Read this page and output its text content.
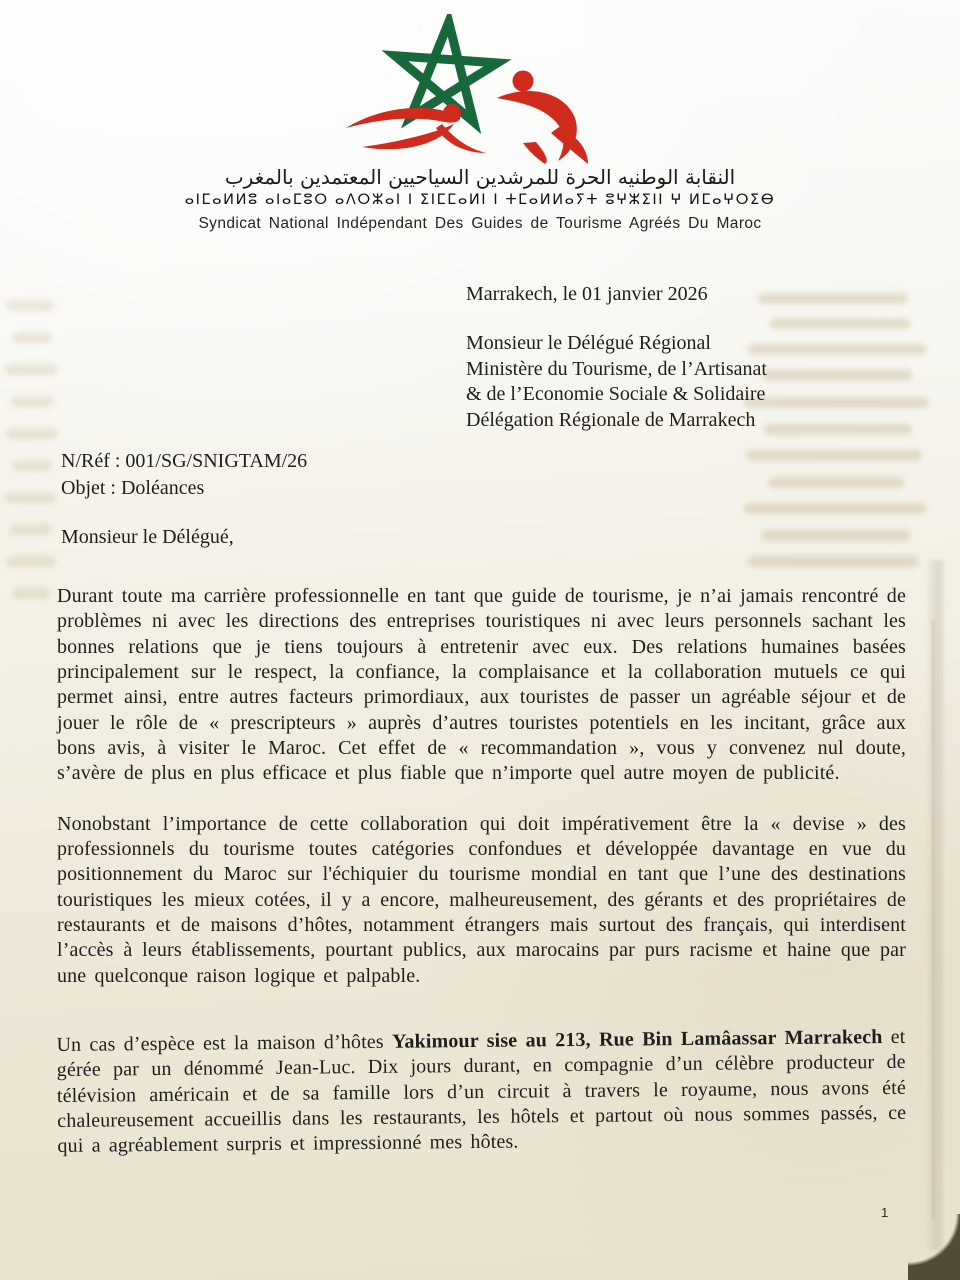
النقابة الوطنيه الحرة للمرشدين السياحيين المعتمدين بالمغرب
ⴰⵏⵎⴰⵍⵍⵓ ⴰⵏⴰⵎⵓⵔ ⴰⴷⵔⵣⴰⵏ ⵏ ⵉⵏⵎⵎⴰⵍⵏ ⵏ ⵜⵎⴰⵍⵍⴰⵢⵜ ⵓⵖⵣⵉⵏⵏ ⵖ ⵍⵎⴰⵖⵔⵉⴱ
Syndicat National Indépendant Des Guides de Tourisme Agréés Du Maroc
Marrakech, le 01 janvier 2026
Monsieur le Délégué Régional
Ministère du Tourisme, de l’Artisanat
& de l’Economie Sociale & Solidaire
Délégation Régionale de Marrakech
N/Réf : 001/SG/SNIGTAM/26
Objet : Doléances
Monsieur le Délégué,

Durant toute ma carrière professionnelle en tant que guide de tourisme, je n’ai jamais rencontré de problèmes ni avec les directions des entreprises touristiques ni avec leurs personnels sachant les bonnes relations que je tiens toujours à entretenir avec eux. Des relations humaines basées principalement sur le respect, la confiance, la complaisance et la collaboration mutuels ce qui permet ainsi, entre autres facteurs primordiaux, aux touristes de passer un agréable séjour et de jouer le rôle de « prescripteurs » auprès d’autres touristes potentiels en les incitant, grâce aux bons avis, à visiter le Maroc. Cet effet de « recommandation », vous y convenez nul doute, s’avère de plus en plus efficace et plus fiable que n’importe quel autre moyen de publicité.

Nonobstant l’importance de cette collaboration qui doit impérativement être la « devise » des professionnels du tourisme toutes catégories confondues et développée davantage en vue du positionnement du Maroc sur l'échiquier du tourisme mondial en tant que l’une des destinations touristiques les mieux cotées, il y a encore, malheureusement, des gérants et des propriétaires de restaurants et de maisons d’hôtes, notamment étrangers mais surtout des français, qui interdisent l’accès à leurs établissements, pourtant publics, aux marocains par purs racisme et haine que par une quelconque raison logique et palpable.

Un cas d’espèce est la maison d’hôtes Yakimour sise au 213, Rue Bin Lamâassar Marrakech et gérée par un dénommé Jean-Luc. Dix jours durant, en compagnie d’un célèbre producteur de télévision américain et de sa famille lors d’un circuit à travers le royaume, nous avons été chaleureusement accueillis dans les restaurants, les hôtels et partout où nous sommes passés, ce qui a agréablement surpris et impressionné mes hôtes.

1
